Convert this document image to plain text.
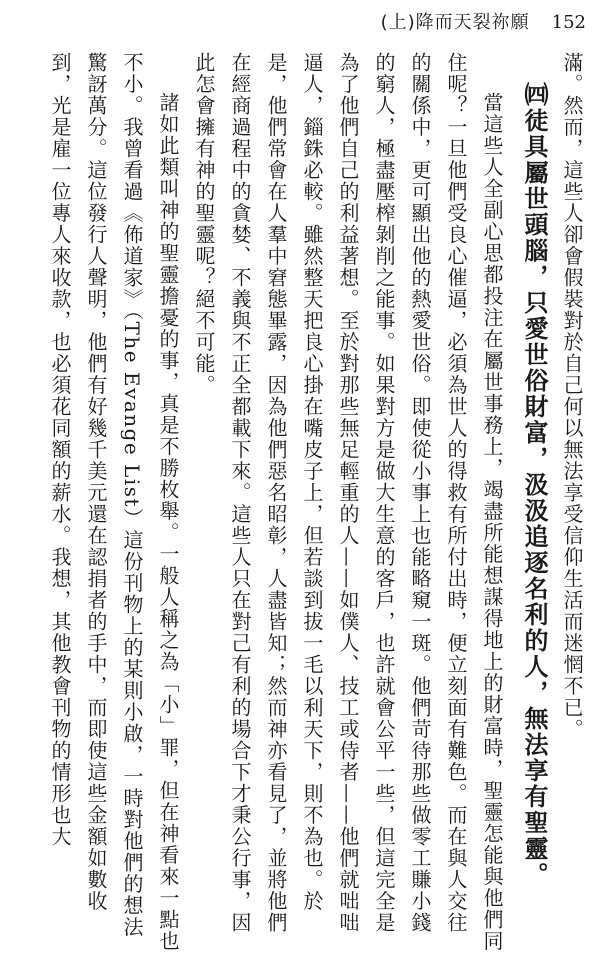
(上)降而天裂祢願 152

滿。然而，這些人卻會假裝對於自己何以無法享受信仰生活而迷惘不已。

㈣徒具屬世頭腦，只愛世俗財富，汲汲追逐名利的人，無法享有聖靈。

當這些人全副心思都投注在屬世事務上，竭盡所能想謀得地上的財富時，聖靈怎能與他們同住呢？一旦他們受良心催逼，必須為世人的得救有所付出時，便立刻面有難色。而在與人交往的關係中，更可顯出他的熱愛世俗。即使從小事上也能略窺一斑。他們苛待那些做零工賺小錢的窮人，極盡壓榨剝削之能事。如果對方是做大生意的客戶，也許就會公平一些，但這完全是為了他們自己的利益著想。至於對那些無足輕重的人——如僕人、技工或侍者——他們就咄咄逼人，錙銖必較。雖然整天把良心掛在嘴皮子上，但若談到拔一毛以利天下，則不為也。於是，他們常會在人羣中窘態畢露，因為他們惡名昭彰，人盡皆知；然而神亦看見了，並將他們在經商過程中的貪婪、不義與不正全都載下來。這些人只在對己有利的場合下才秉公行事，因此怎會擁有神的聖靈呢？絕不可能。

諸如此類叫神的聖靈擔憂的事，真是不勝枚舉。一般人稱之為「小」罪，但在神看來一點也不小。我曾看過《佈道家》（The Evange List）這份刊物上的某則小啟，一時對他們的想法驚訝萬分。這位發行人聲明，他們有好幾千美元還在認捐者的手中，而即使這些金額如數收到，光是雇一位專人來收款，也必須花同額的薪水。我想，其他教會刊物的情形也大
